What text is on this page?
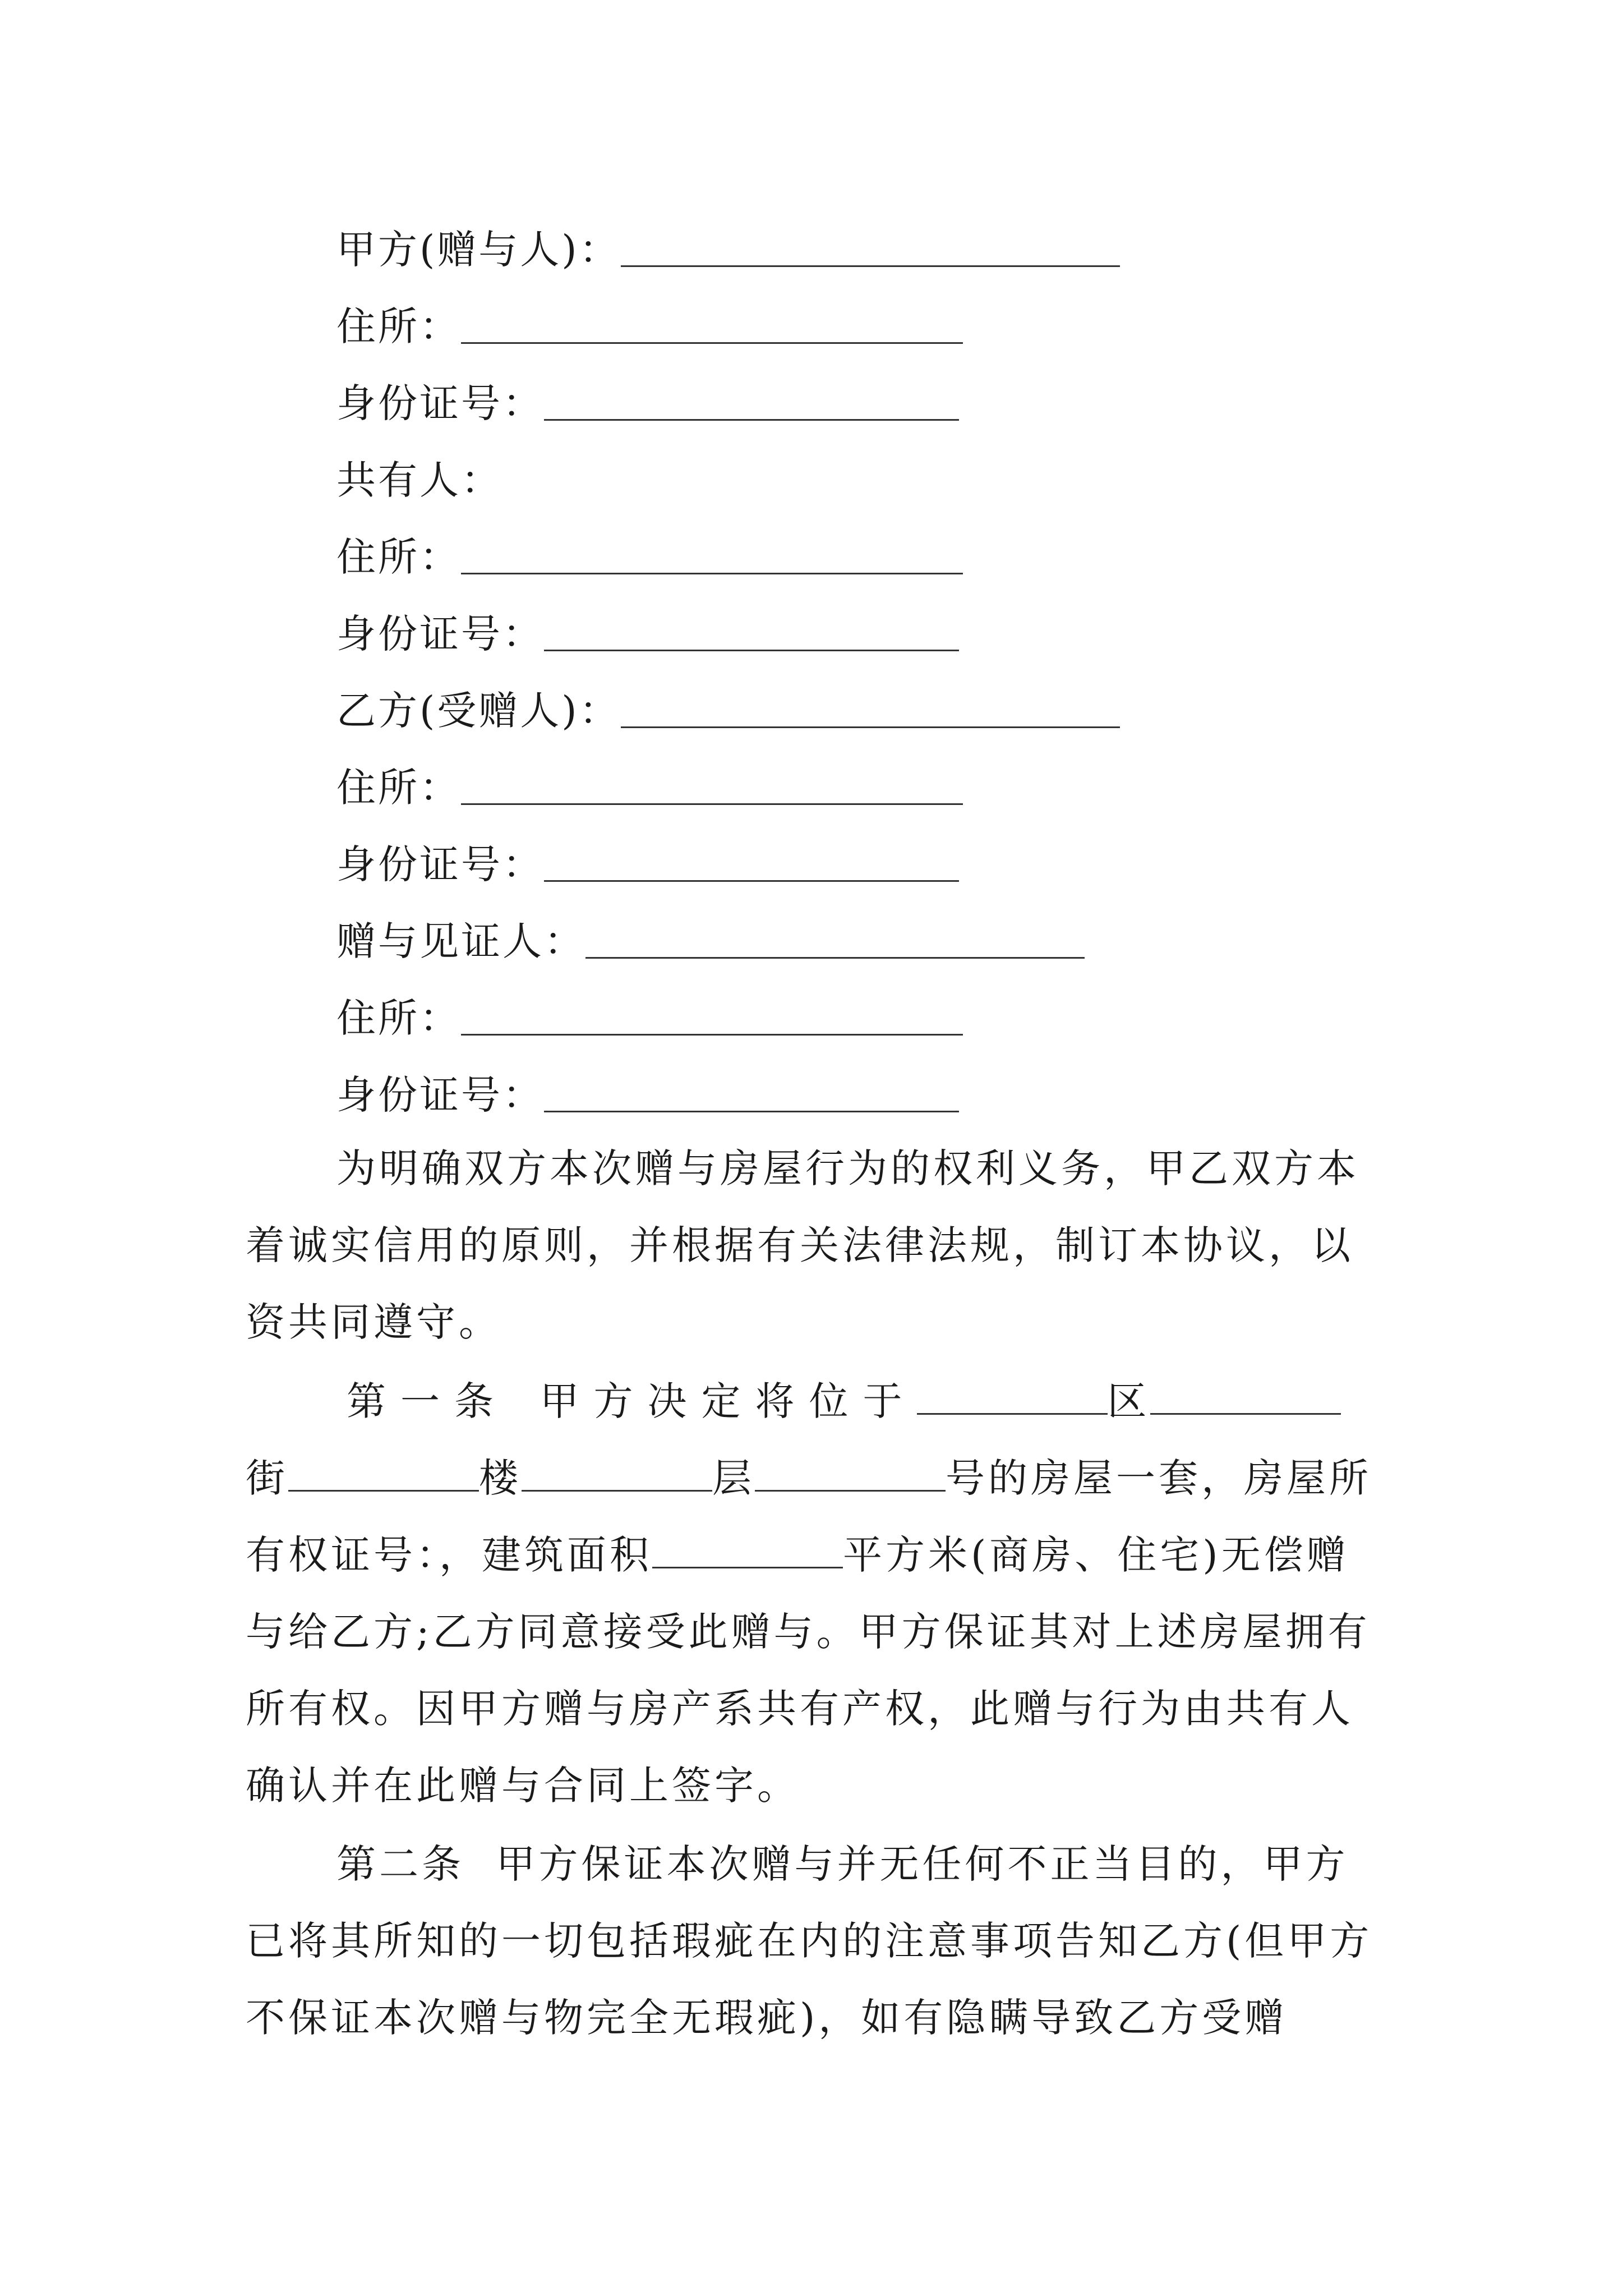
甲方(赠与人)：
住所：
身份证号：
共有人：
住所：
身份证号：
乙方(受赠人)：
住所：
身份证号：
赠与见证人：
住所：
身份证号：

为明确双方本次赠与房屋行为的权利义务，甲乙双方本着诚实信用的原则，并根据有关法律法规，制订本协议，以资共同遵守。

第一条 甲方决定将位于	区街	楼	层	号的房屋一套，房屋所有权证号：，建筑面积	平方米(商房、住宅)无偿赠与给乙方;乙方同意接受此赠与。甲方保证其对上述房屋拥有所有权。因甲方赠与房产系共有产权，此赠与行为由共有人确认并在此赠与合同上签字。

第二条 甲方保证本次赠与并无任何不正当目的，甲方已将其所知的一切包括瑕疵在内的注意事项告知乙方(但甲方不保证本次赠与物完全无瑕疵)，如有隐瞒导致乙方受赠
